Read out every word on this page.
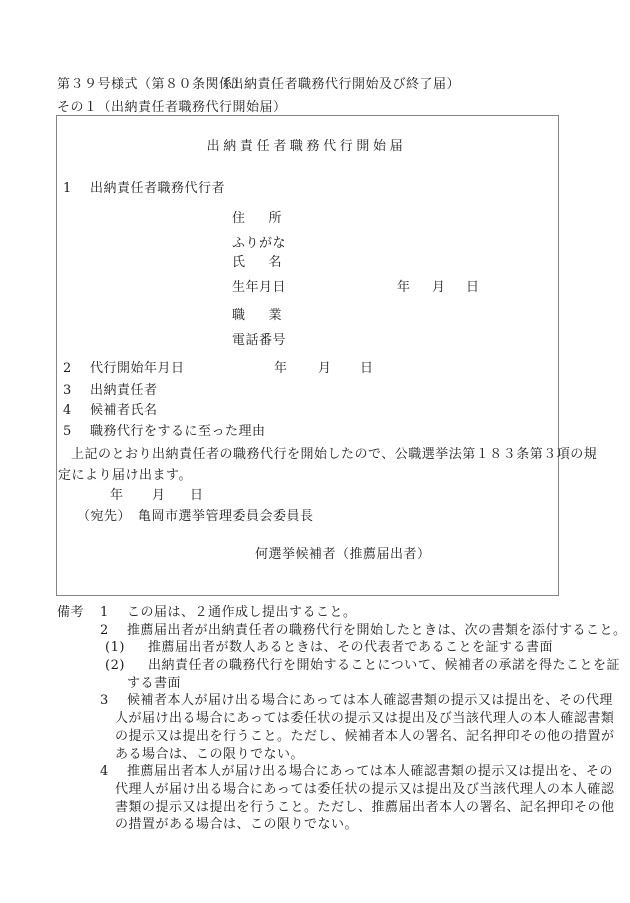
第３９号様式（第８０条関係）
（出納責任者職務代行開始及び終了届）
その１（出納責任者職務代行開始届）
出納責任者職務代行開始届
1 出納責任者職務代行者
住 所
ふりがな
氏 名
生年月日	年 月 日
職 業
電話番号
2 代行開始年月日	年 月 日
3 出納責任者
4 候補者氏名
5 職務代行をするに至った理由
上記のとおり出納責任者の職務代行を開始したので、公職選挙法第１８３条第３項の規
定により届け出ます。
年 月 日
（宛先）　亀岡市選挙管理委員会委員長
何選挙候補者（推薦届出者）
備考 1 この届は、２通作成し提出すること。
2 推薦届出者が出納責任者の職務代行を開始したときは、次の書類を添付すること。
(1) 推薦届出者が数人あるときは、その代表者であることを証する書面
(2) 出納責任者の職務代行を開始することについて、候補者の承諾を得たことを証
する書面
3 候補者本人が届け出る場合にあっては本人確認書類の提示又は提出を、その代理
人が届け出る場合にあっては委任状の提示又は提出及び当該代理人の本人確認書類
の提示又は提出を行うこと。ただし、候補者本人の署名、記名押印その他の措置が
ある場合は、この限りでない。
4 推薦届出者本人が届け出る場合にあっては本人確認書類の提示又は提出を、その
代理人が届け出る場合にあっては委任状の提示又は提出及び当該代理人の本人確認
書類の提示又は提出を行うこと。ただし、推薦届出者本人の署名、記名押印その他
の措置がある場合は、この限りでない。
